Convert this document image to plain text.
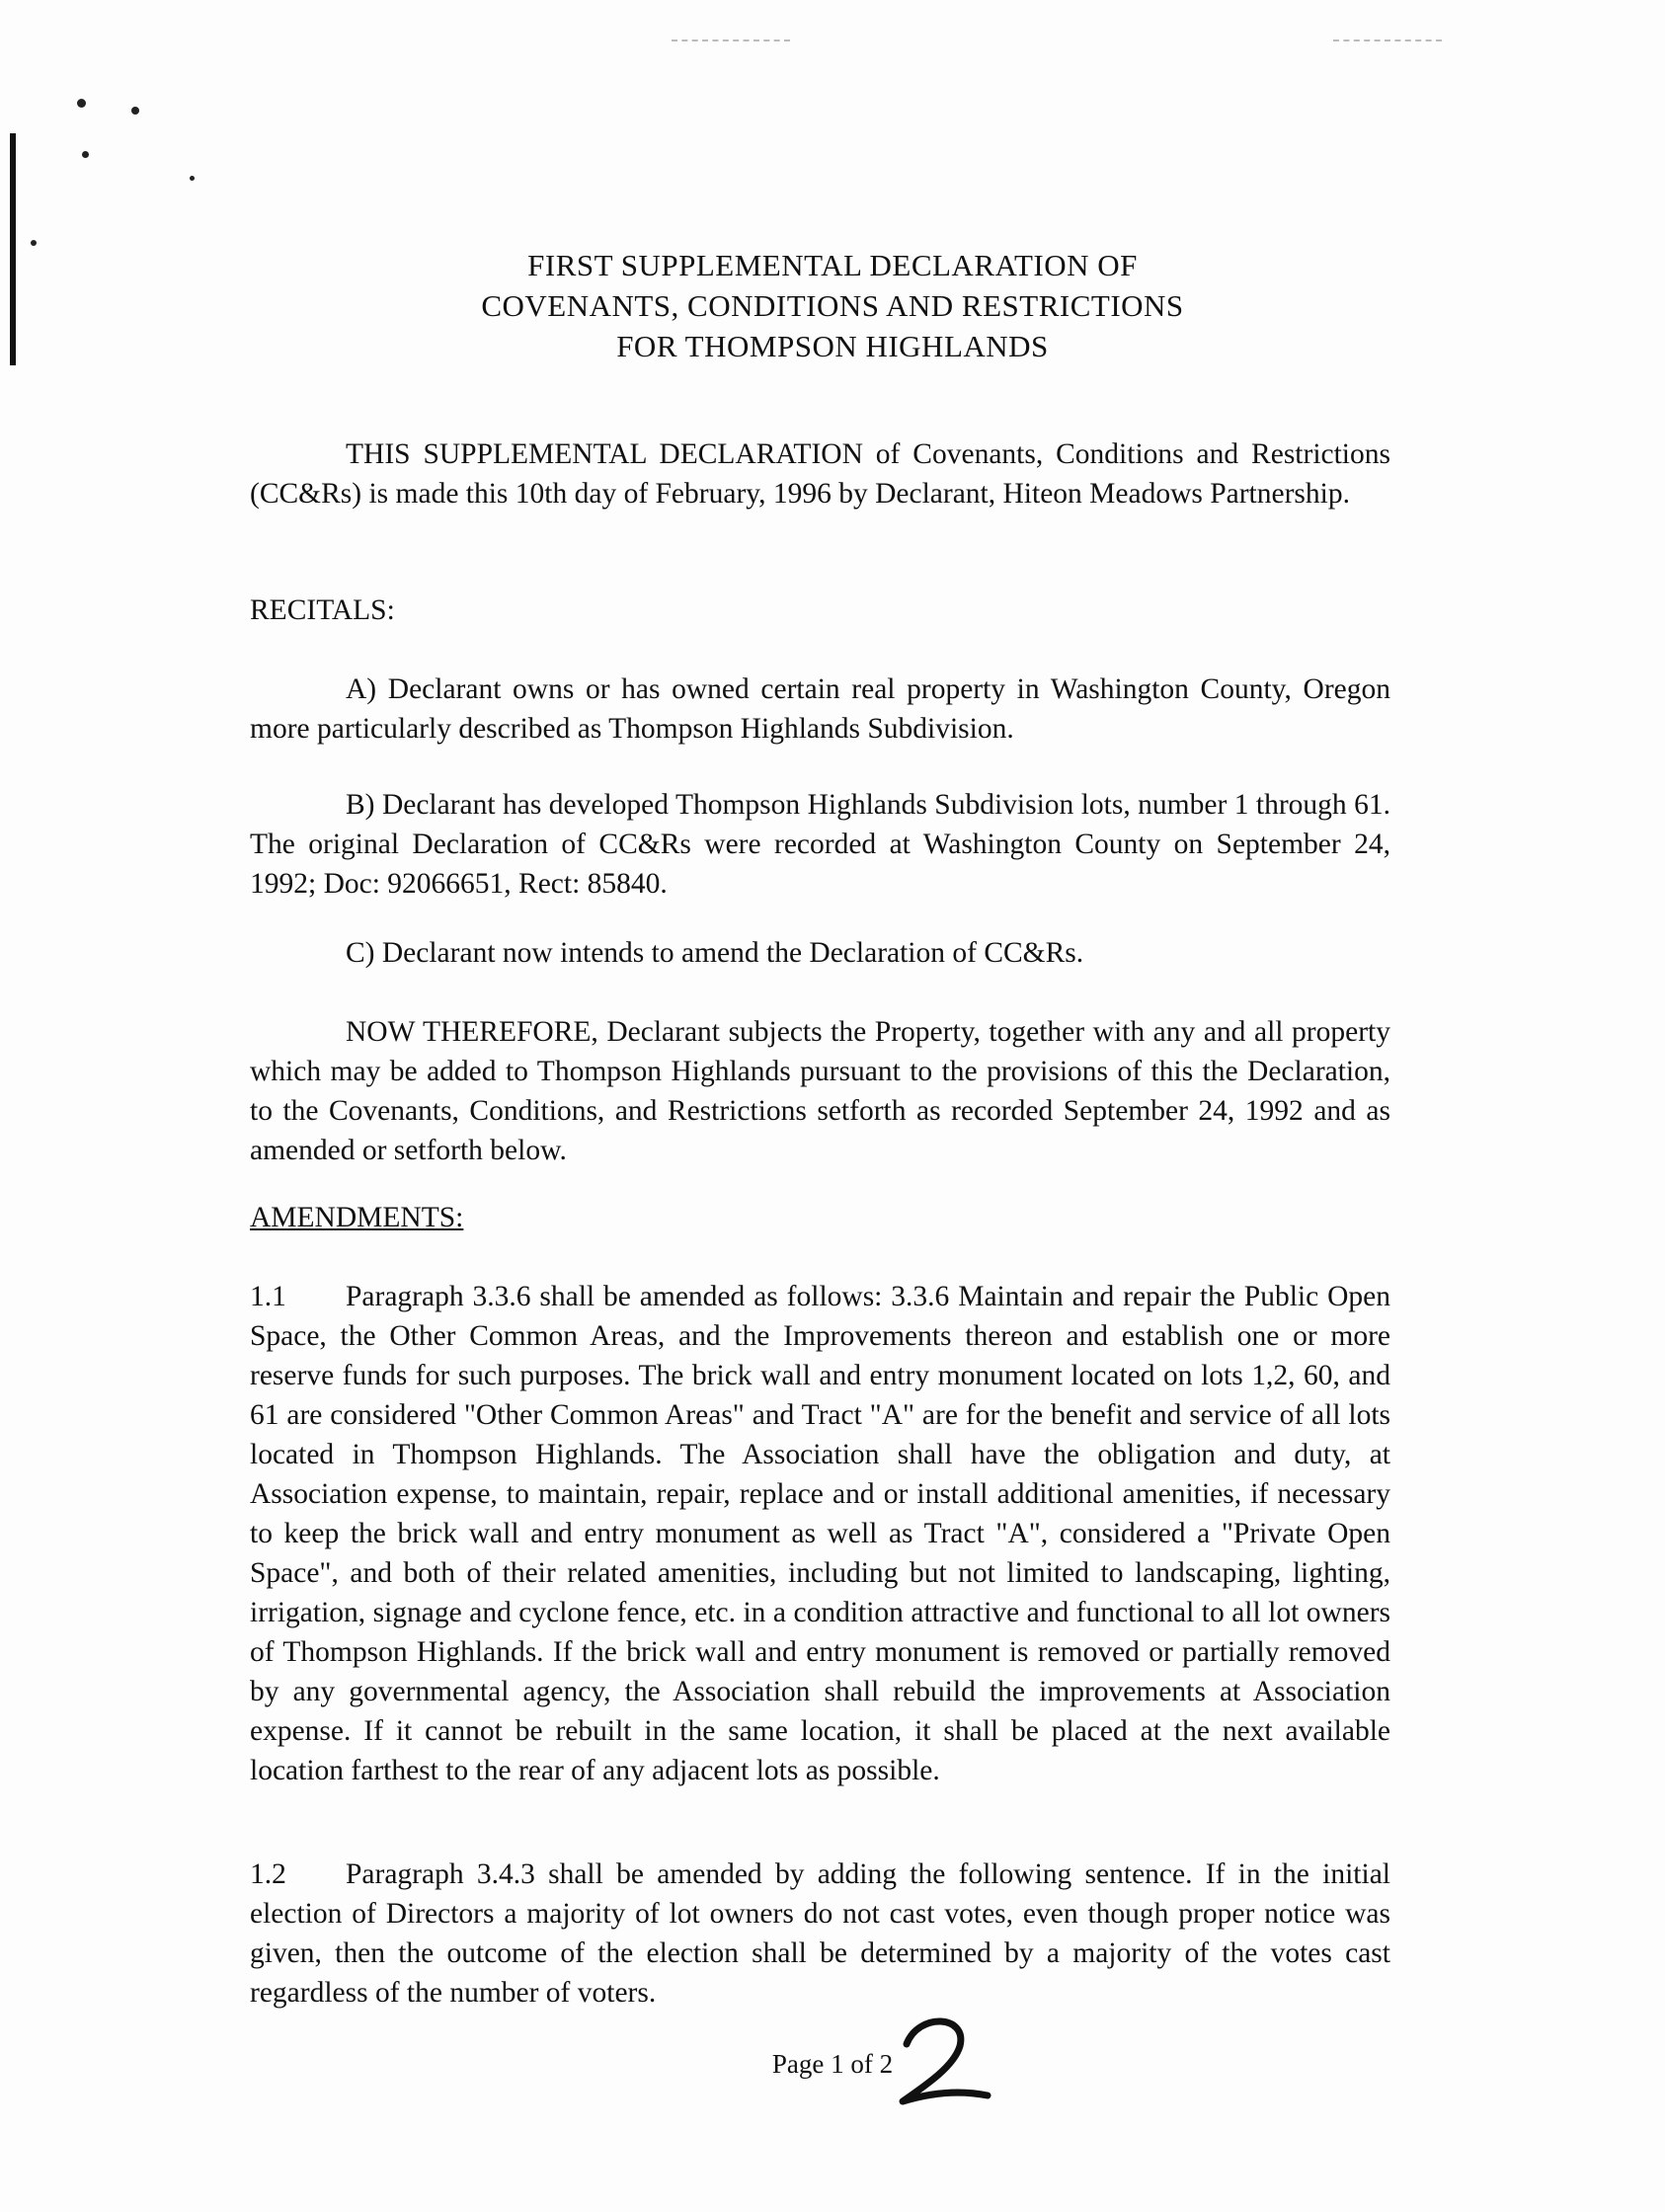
FIRST SUPPLEMENTAL DECLARATION OF
COVENANTS, CONDITIONS AND RESTRICTIONS
FOR THOMPSON HIGHLANDS
THIS SUPPLEMENTAL DECLARATION of Covenants, Conditions and Restrictions (CC&Rs) is made this 10th day of February, 1996 by Declarant, Hiteon Meadows Partnership.
RECITALS:
A) Declarant owns or has owned certain real property in Washington County, Oregon more particularly described as Thompson Highlands Subdivision.
B) Declarant has developed Thompson Highlands Subdivision lots, number 1 through 61. The original Declaration of CC&Rs were recorded at Washington County on September 24, 1992; Doc: 92066651, Rect: 85840.
C) Declarant now intends to amend the Declaration of CC&Rs.
NOW THEREFORE, Declarant subjects the Property, together with any and all property which may be added to Thompson Highlands pursuant to the provisions of this the Declaration, to the Covenants, Conditions, and Restrictions setforth as recorded September 24, 1992 and as amended or setforth below.
AMENDMENTS:
1.1 Paragraph 3.3.6 shall be amended as follows: 3.3.6 Maintain and repair the Public Open Space, the Other Common Areas, and the Improvements thereon and establish one or more reserve funds for such purposes. The brick wall and entry monument located on lots 1,2, 60, and 61 are considered "Other Common Areas" and Tract "A" are for the benefit and service of all lots located in Thompson Highlands. The Association shall have the obligation and duty, at Association expense, to maintain, repair, replace and or install additional amenities, if necessary to keep the brick wall and entry monument as well as Tract "A", considered a "Private Open Space", and both of their related amenities, including but not limited to landscaping, lighting, irrigation, signage and cyclone fence, etc. in a condition attractive and functional to all lot owners of Thompson Highlands. If the brick wall and entry monument is removed or partially removed by any governmental agency, the Association shall rebuild the improvements at Association expense. If it cannot be rebuilt in the same location, it shall be placed at the next available location farthest to the rear of any adjacent lots as possible.
1.2 Paragraph 3.4.3 shall be amended by adding the following sentence. If in the initial election of Directors a majority of lot owners do not cast votes, even though proper notice was given, then the outcome of the election shall be determined by a majority of the votes cast regardless of the number of voters.
Page 1 of 2
